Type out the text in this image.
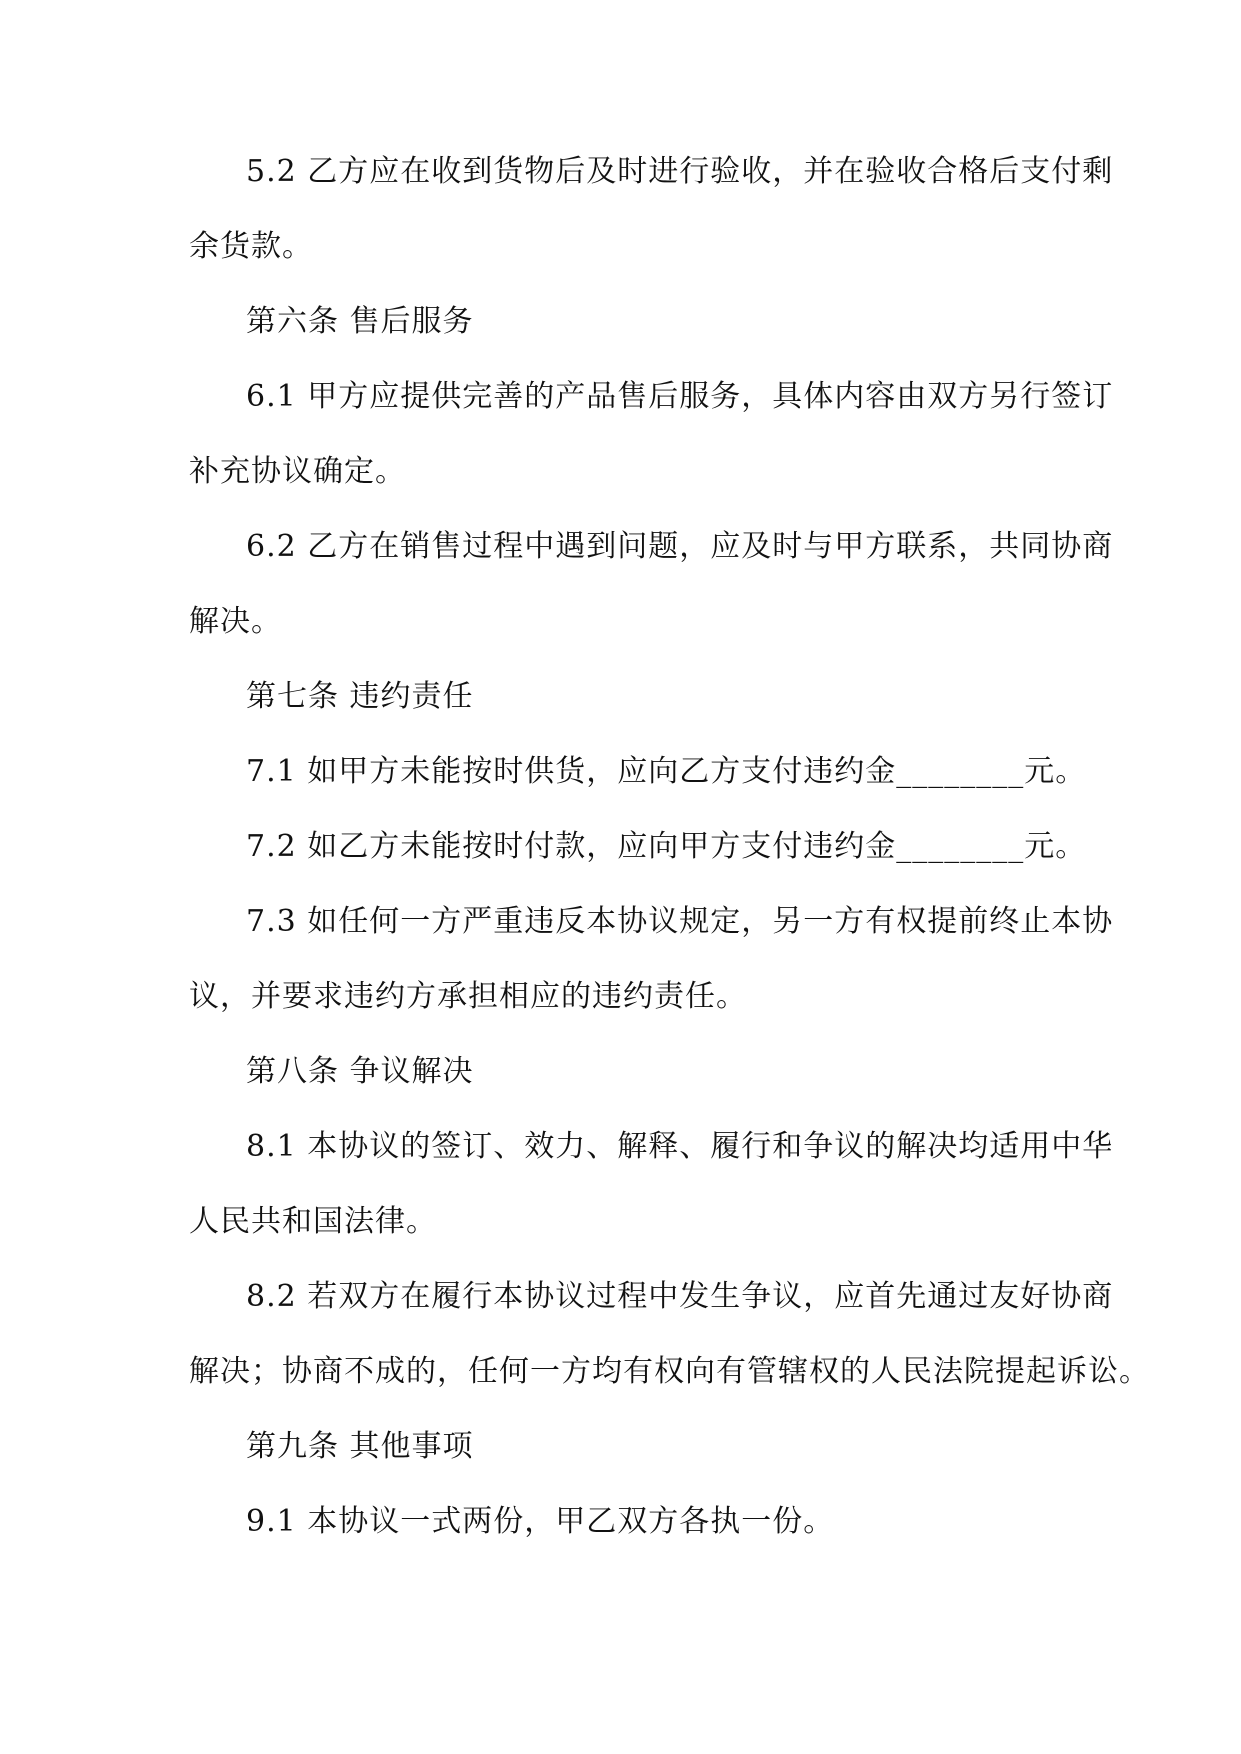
5.2 乙方应在收到货物后及时进行验收，并在验收合格后支付剩
余货款。
第六条 售后服务
6.1 甲方应提供完善的产品售后服务，具体内容由双方另行签订
补充协议确定。
6.2 乙方在销售过程中遇到问题，应及时与甲方联系，共同协商
解决。
第七条 违约责任
7.1 如甲方未能按时供货，应向乙方支付违约金________元。
7.2 如乙方未能按时付款，应向甲方支付违约金________元。
7.3 如任何一方严重违反本协议规定，另一方有权提前终止本协
议，并要求违约方承担相应的违约责任。
第八条 争议解决
8.1 本协议的签订、效力、解释、履行和争议的解决均适用中华
人民共和国法律。
8.2 若双方在履行本协议过程中发生争议，应首先通过友好协商
解决；协商不成的，任何一方均有权向有管辖权的人民法院提起诉讼。
第九条 其他事项
9.1 本协议一式两份，甲乙双方各执一份。
